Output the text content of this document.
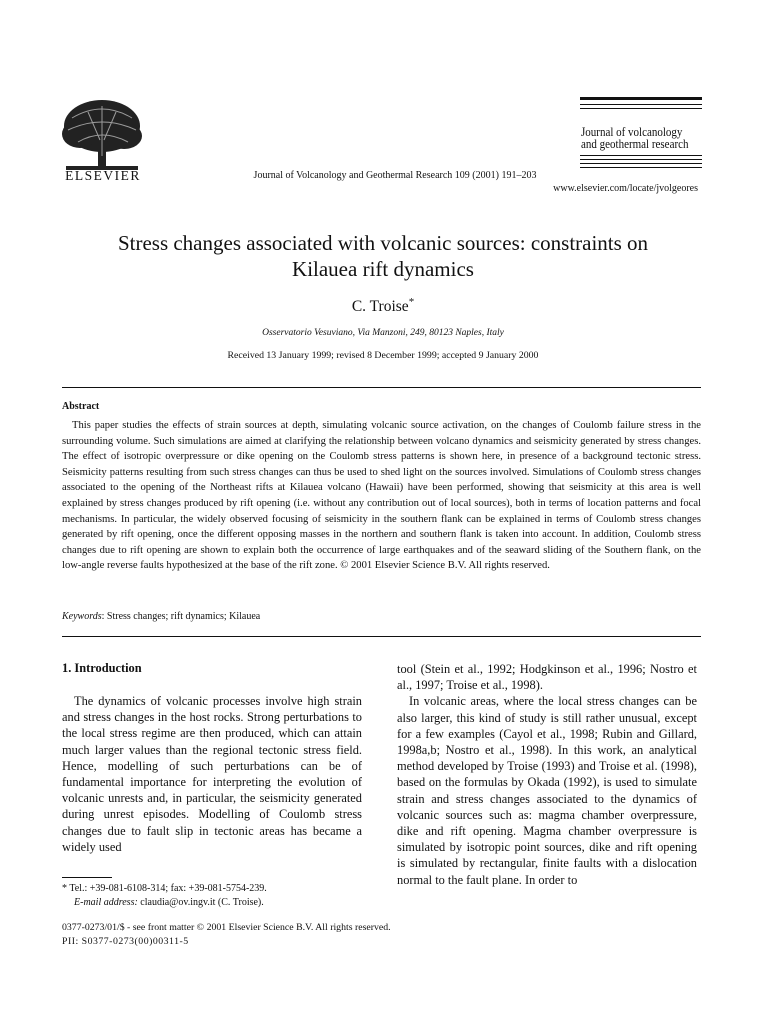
ELSEVIER	Journal of Volcanology and Geothermal Research 109 (2001) 191–203
Journal of volcanology
and geothermal research
www.elsevier.com/locate/jvolgeores
Stress changes associated with volcanic sources: constraints on
Kilauea rift dynamics
C. Troise*
Osservatorio Vesuviano, Via Manzoni, 249, 80123 Naples, Italy
Received 13 January 1999; revised 8 December 1999; accepted 9 January 2000
Abstract
This paper studies the effects of strain sources at depth, simulating volcanic source activation, on the changes of Coulomb failure stress in the surrounding volume. Such simulations are aimed at clarifying the relationship between volcano dynamics and seismicity generated by stress changes. The effect of isotropic overpressure or dike opening on the Coulomb stress patterns is shown here, in presence of a background tectonic stress. Seismicity patterns resulting from such stress changes can thus be used to shed light on the sources involved. Simulations of Coulomb stress changes associated to the opening of the Northeast rifts at Kilauea volcano (Hawaii) have been performed, showing that seismicity at this area is well explained by stress changes produced by rift opening (i.e. without any contribution out of local sources), both in terms of location patterns and focal mechanisms. In particular, the widely observed focusing of seismicity in the southern flank can be explained in terms of Coulomb stress changes generated by rift opening, once the different opposing masses in the northern and southern flank is taken into account. In addition, Coulomb stress changes due to rift opening are shown to explain both the occurrence of large earthquakes and of the seaward sliding of the Southern flank, on the low-angle reverse faults hypothesized at the base of the rift zone. © 2001 Elsevier Science B.V. All rights reserved.
Keywords: Stress changes; rift dynamics; Kilauea
1. Introduction

The dynamics of volcanic processes involve high strain and stress changes in the host rocks. Strong perturbations to the local stress regime are then produced, which can attain much larger values than the regional tectonic stress field. Hence, modelling of such perturbations can be of fundamental importance for interpreting the evolution of volcanic unrests and, in particular, the seismicity generated during unrest episodes. Modelling of Coulomb stress changes due to fault slip in tectonic areas has became a widely used

tool (Stein et al., 1992; Hodgkinson et al., 1996; Nostro et al., 1997; Troise et al., 1998).

In volcanic areas, where the local stress changes can be also larger, this kind of study is still rather unusual, except for a few examples (Cayol et al., 1998; Rubin and Gillard, 1998a,b; Nostro et al., 1998). In this work, an analytical method developed by Troise (1993) and Troise et al. (1998), based on the formulas by Okada (1992), is used to simulate strain and stress changes associated to the dynamics of volcanic sources such as: magma chamber overpressure, dike and rift opening. Magma chamber overpressure is simulated by isotropic point sources, dike and rift opening is simulated by rectangular, finite faults with a dislocation normal to the fault plane. In order to

* Tel.: +39-081-6108-314; fax: +39-081-5754-239.
E-mail address: claudia@ov.ingv.it (C. Troise).
0377-0273/01/$ - see front matter © 2001 Elsevier Science B.V. All rights reserved.
PII: S0377-0273(00)00311-5
